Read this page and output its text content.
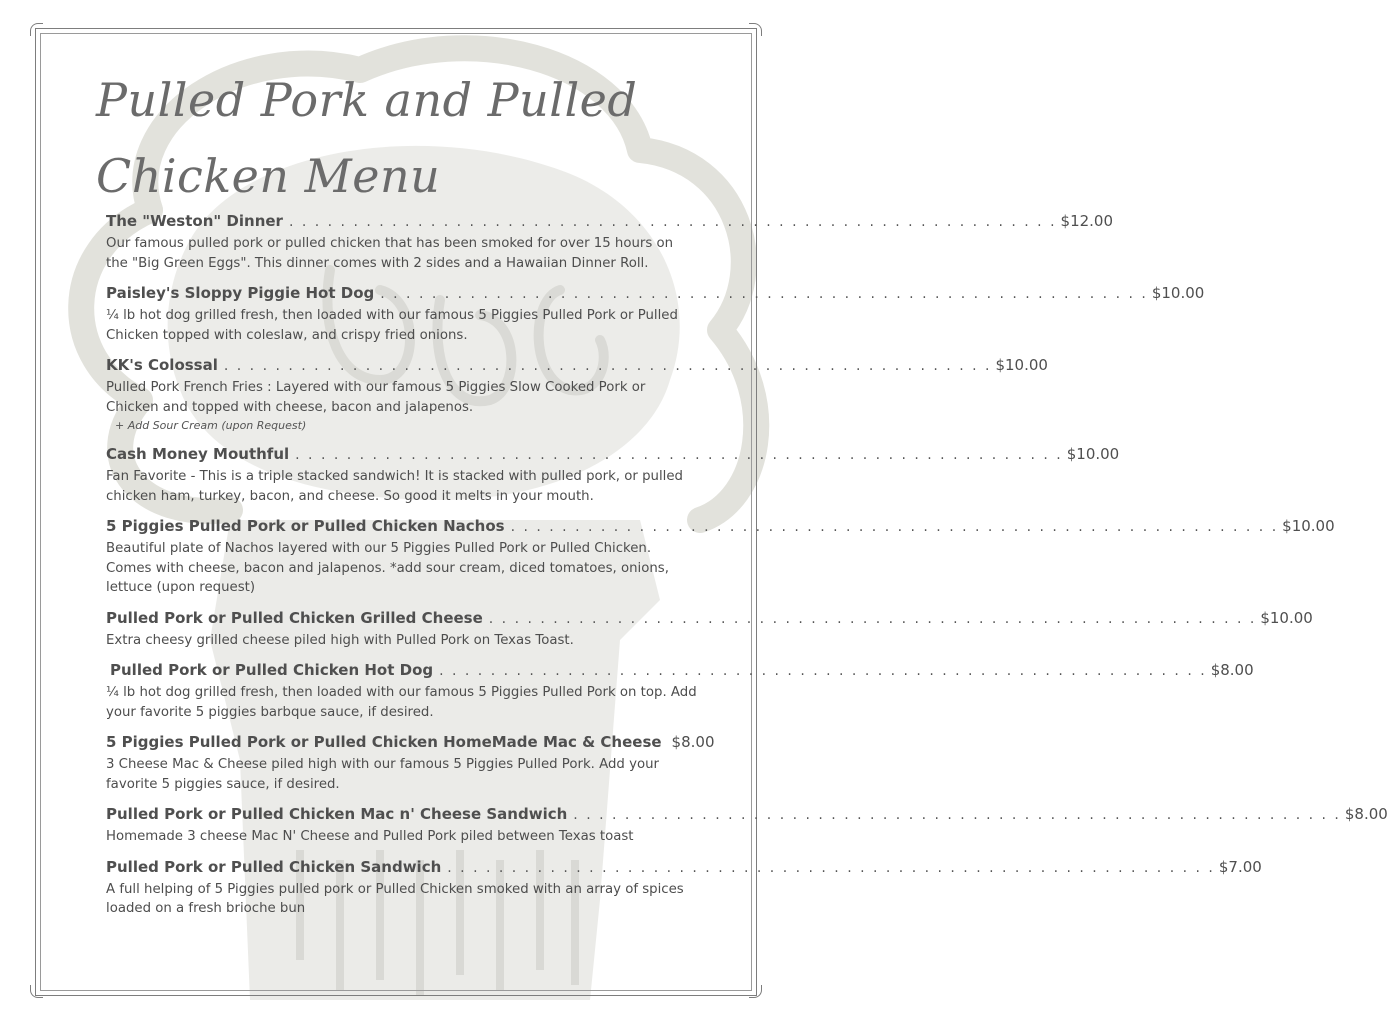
Pulled Pork and Pulled Chicken Menu
The "Weston" Dinner . . . . . . . . . . . . . . . . . . . . . . . . . . . . . . . . . . . . . . . . . . . . . . . . . . . . . . . . . . . . $12.00
Our famous pulled pork or pulled chicken that has been smoked for over 15 hours on the "Big Green Eggs". This dinner comes with 2 sides and a Hawaiian Dinner Roll.
Paisley's Sloppy Piggie Hot Dog . . . . . . . . . . . . . . . . . . . . . . . . . . . . . . . . . . . . . . . . . . . . . . . . . . . . . . . . . . . . $10.00
¼ lb hot dog grilled fresh, then loaded with our famous 5 Piggies Pulled Pork or Pulled Chicken topped with coleslaw, and crispy fried onions.
KK's Colossal . . . . . . . . . . . . . . . . . . . . . . . . . . . . . . . . . . . . . . . . . . . . . . . . . . . . . . . . . . . . $10.00
Pulled Pork French Fries : Layered with our famous 5 Piggies Slow Cooked Pork or Chicken and topped with cheese, bacon and jalapenos.
+ Add Sour Cream (upon Request)
Cash Money Mouthful . . . . . . . . . . . . . . . . . . . . . . . . . . . . . . . . . . . . . . . . . . . . . . . . . . . . . . . . . . . . $10.00
Fan Favorite - This is a triple stacked sandwich! It is stacked with pulled pork, or pulled chicken ham, turkey, bacon, and cheese. So good it melts in your mouth.
5 Piggies Pulled Pork or Pulled Chicken Nachos . . . . . . . . . . . . . . . . . . . . . . . . . . . . . . . . . . . . . . . . . . . . . . . . . . . . . . . . . . . . $10.00
Beautiful plate of Nachos layered with our 5 Piggies Pulled Pork or Pulled Chicken. Comes with cheese, bacon and jalapenos. *add sour cream, diced tomatoes, onions, lettuce (upon request)
Pulled Pork or Pulled Chicken Grilled Cheese . . . . . . . . . . . . . . . . . . . . . . . . . . . . . . . . . . . . . . . . . . . . . . . . . . . . . . . . . . . . $10.00
Extra cheesy grilled cheese piled high with Pulled Pork on Texas Toast.
Pulled Pork or Pulled Chicken Hot Dog . . . . . . . . . . . . . . . . . . . . . . . . . . . . . . . . . . . . . . . . . . . . . . . . . . . . . . . . . . . . $8.00
¼ lb hot dog grilled fresh, then loaded with our famous 5 Piggies Pulled Pork on top. Add your favorite 5 piggies barbque sauce, if desired.
5 Piggies Pulled Pork or Pulled Chicken HomeMade Mac & Cheese $8.00
3 Cheese Mac & Cheese piled high with our famous 5 Piggies Pulled Pork. Add your favorite 5 piggies sauce, if desired.
Pulled Pork or Pulled Chicken Mac n' Cheese Sandwich . . . . . . . . . . . . . . . . . . . . . . . . . . . . . . . . . . . . . . . . . . . . . . . . . . . . . . . . . . . . $8.00
Homemade 3 cheese Mac N' Cheese and Pulled Pork piled between Texas toast
Pulled Pork or Pulled Chicken Sandwich . . . . . . . . . . . . . . . . . . . . . . . . . . . . . . . . . . . . . . . . . . . . . . . . . . . . . . . . . . . . $7.00
A full helping of 5 Piggies pulled pork or Pulled Chicken smoked with an array of spices loaded on a fresh brioche bun
